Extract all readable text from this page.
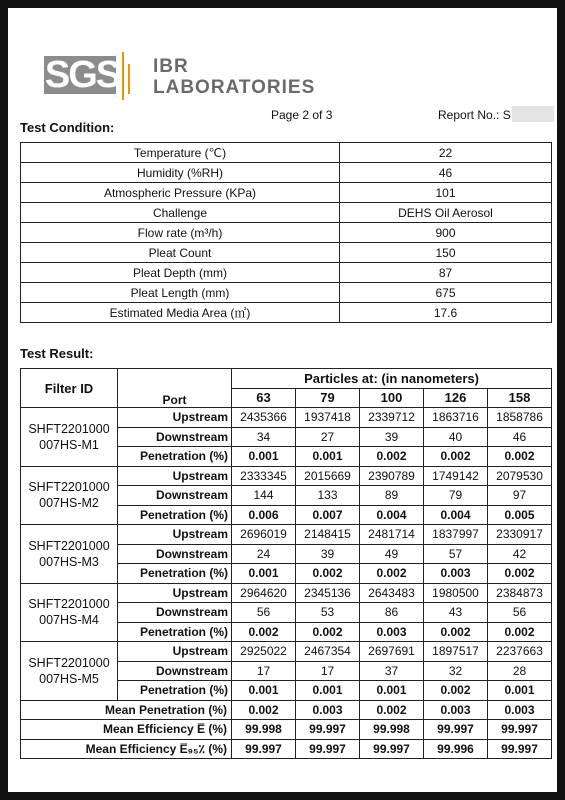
SGS IBR
LABORATORIES
Page 2 of 3	Report No.: S
Test Condition:
Temperature (℃)	22
Humidity (%RH)	46
Atmospheric Pressure (KPa)	101
Challenge	DEHS Oil Aerosol
Flow rate (m³/h)	900
Pleat Count	150
Pleat Depth (mm)	87
Pleat Length (mm)	675
Estimated Media Area (㎡)	17.6
Test Result:
Filter ID	Port	Particles at: (in nanometers)				
		63	79	100	126	158

SHFT2201000
007HS-M1	Upstream	2435366	1937418	2339712	1863716	1858786
	Downstream	34	27	39	40	46
	Penetration (%)	0.001	0.001	0.002	0.002	0.002

SHFT2201000
007HS-M2	Upstream	2333345	2015669	2390789	1749142	2079530
	Downstream	144	133	89	79	97
	Penetration (%)	0.006	0.007	0.004	0.004	0.005

SHFT2201000
007HS-M3	Upstream	2696019	2148415	2481714	1837997	2330917
	Downstream	24	39	49	57	42
	Penetration (%)	0.001	0.002	0.002	0.003	0.002

SHFT2201000
007HS-M4	Upstream	2964620	2345136	2643483	1980500	2384873
	Downstream	56	53	86	43	56
	Penetration (%)	0.002	0.002	0.003	0.002	0.002

SHFT2201000
007HS-M5	Upstream	2925022	2467354	2697691	1897517	2237663
	Downstream	17	17	37	32	28
	Penetration (%)	0.001	0.001	0.001	0.002	0.001
Mean Penetration (%)		0.002	0.003	0.002	0.003	0.003
Mean Efficiency E̅ (%)		99.998	99.997	99.998	99.997	99.997
Mean Efficiency E̅₉₅٪ (%)		99.997	99.997	99.997	99.996	99.997
